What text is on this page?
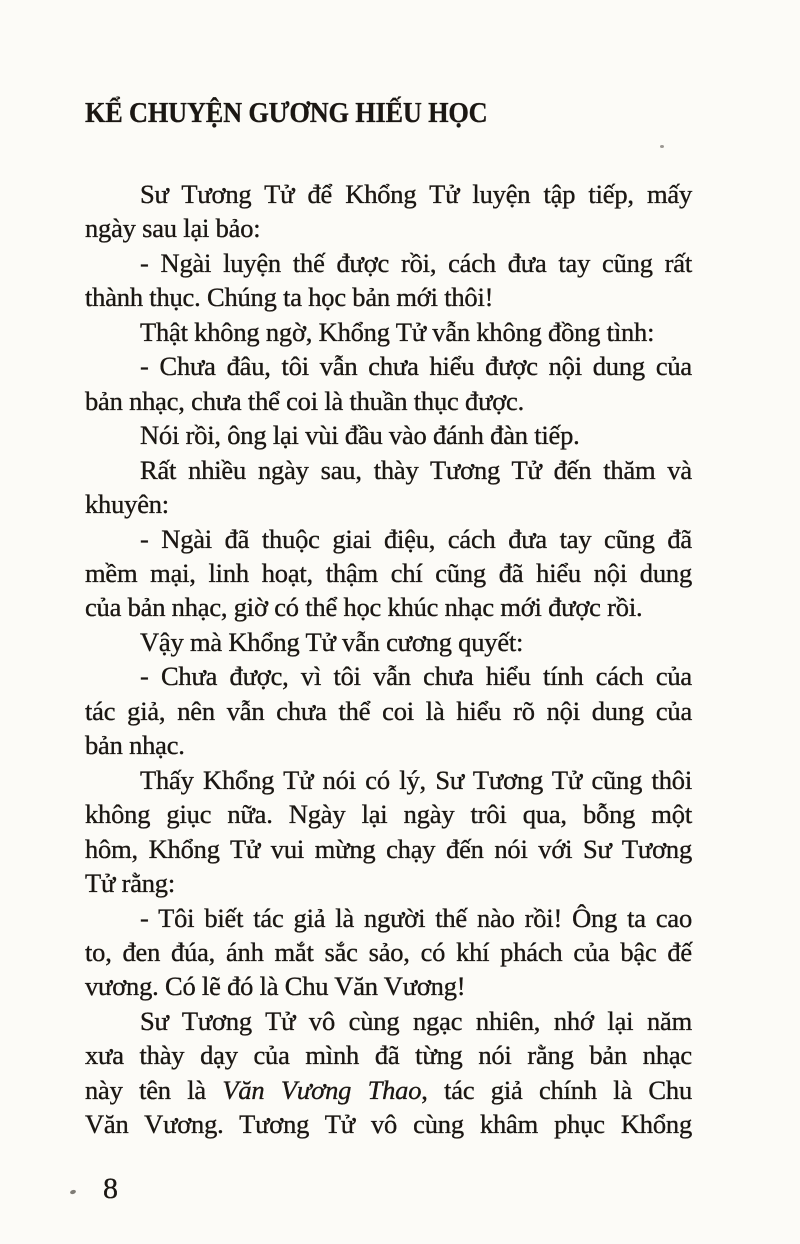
KỂ CHUYỆN GƯƠNG HIẾU HỌC
Sư Tương Tử để Khổng Tử luyện tập tiếp, mấy
ngày sau lại bảo:
- Ngài luyện thế được rồi, cách đưa tay cũng rất
thành thục. Chúng ta học bản mới thôi!
Thật không ngờ, Khổng Tử vẫn không đồng tình:
- Chưa đâu, tôi vẫn chưa hiểu được nội dung của
bản nhạc, chưa thể coi là thuần thục được.
Nói rồi, ông lại vùi đầu vào đánh đàn tiếp.
Rất nhiều ngày sau, thày Tương Tử đến thăm và
khuyên:
- Ngài đã thuộc giai điệu, cách đưa tay cũng đã
mềm mại, linh hoạt, thậm chí cũng đã hiểu nội dung
của bản nhạc, giờ có thể học khúc nhạc mới được rồi.
Vậy mà Khổng Tử vẫn cương quyết:
- Chưa được, vì tôi vẫn chưa hiểu tính cách của
tác giả, nên vẫn chưa thể coi là hiểu rõ nội dung của
bản nhạc.
Thấy Khổng Tử nói có lý, Sư Tương Tử cũng thôi
không giục nữa. Ngày lại ngày trôi qua, bỗng một
hôm, Khổng Tử vui mừng chạy đến nói với Sư Tương
Tử rằng:
- Tôi biết tác giả là người thế nào rồi! Ông ta cao
to, đen đúa, ánh mắt sắc sảo, có khí phách của bậc đế
vương. Có lẽ đó là Chu Văn Vương!
Sư Tương Tử vô cùng ngạc nhiên, nhớ lại năm
xưa thày dạy của mình đã từng nói rằng bản nhạc
này tên là Văn Vương Thao, tác giả chính là Chu
Văn Vương. Tương Tử vô cùng khâm phục Khổng
8
